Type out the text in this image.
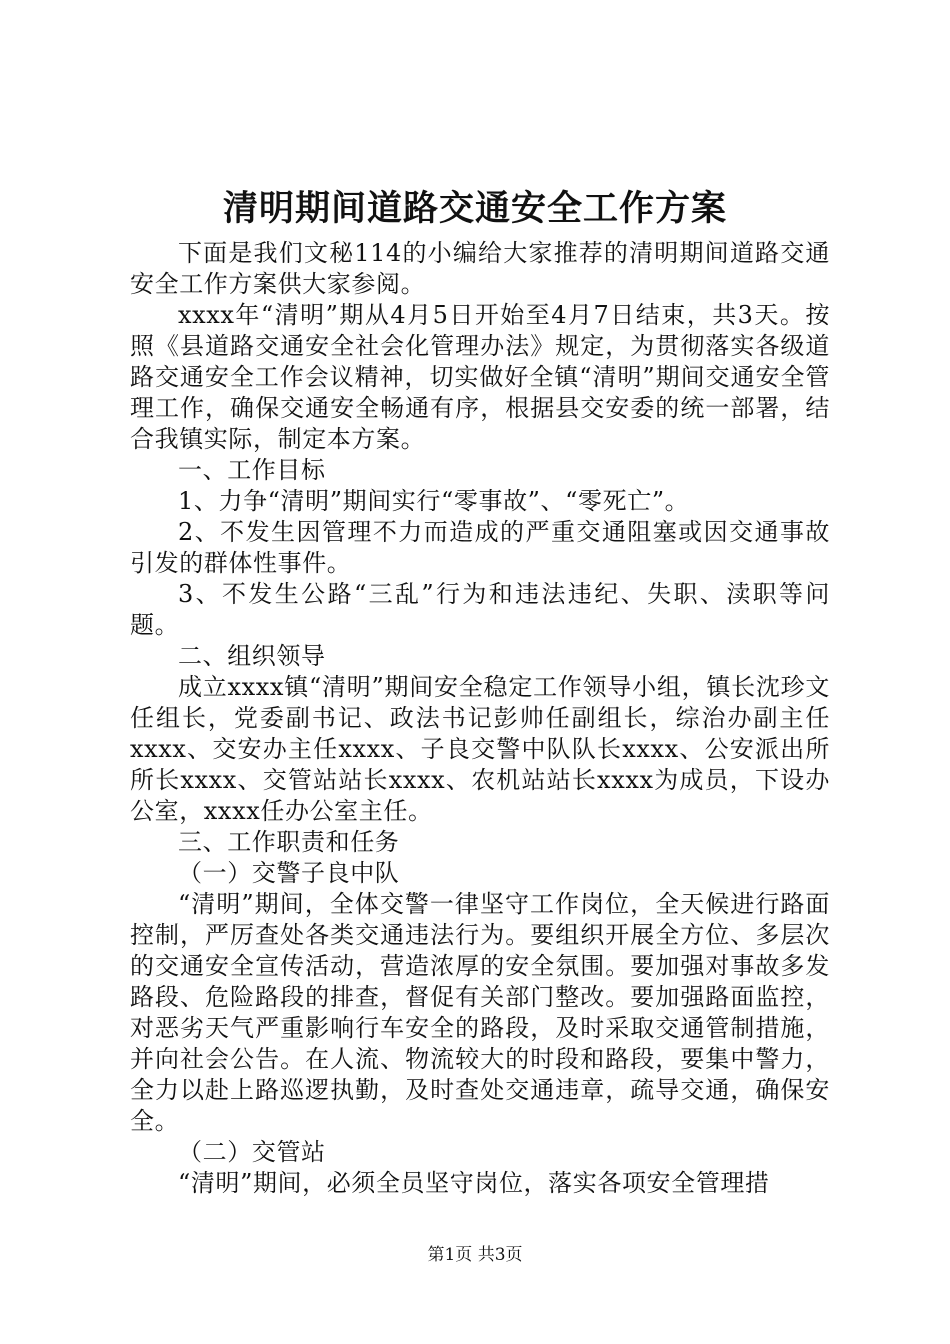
清明期间道路交通安全工作方案

下面是我们文秘114的小编给大家推荐的清明期间道路交通安全工作方案供大家参阅。

xxxx年“清明”期从4月5日开始至4月7日结束，共3天。按照《县道路交通安全社会化管理办法》规定，为贯彻落实各级道路交通安全工作会议精神，切实做好全镇“清明”期间交通安全管理工作，确保交通安全畅通有序，根据县交安委的统一部署，结合我镇实际，制定本方案。

一、工作目标

1、力争“清明”期间实行“零事故”、“零死亡”。

2、不发生因管理不力而造成的严重交通阻塞或因交通事故引发的群体性事件。

3、不发生公路“三乱”行为和违法违纪、失职、渎职等问题。

二、组织领导

成立xxxx镇“清明”期间安全稳定工作领导小组，镇长沈珍文任组长，党委副书记、政法书记彭帅任副组长，综治办副主任xxxx、交安办主任xxxx、子良交警中队队长xxxx、公安派出所所长xxxx、交管站站长xxxx、农机站站长xxxx为成员，下设办公室，xxxx任办公室主任。

三、工作职责和任务

（一）交警子良中队

“清明”期间，全体交警一律坚守工作岗位，全天候进行路面控制，严厉查处各类交通违法行为。要组织开展全方位、多层次的交通安全宣传活动，营造浓厚的安全氛围。要加强对事故多发路段、危险路段的排查，督促有关部门整改。要加强路面监控，对恶劣天气严重影响行车安全的路段，及时采取交通管制措施，并向社会公告。在人流、物流较大的时段和路段，要集中警力，全力以赴上路巡逻执勤，及时查处交通违章，疏导交通，确保安全。

（二）交管站

“清明”期间，必须全员坚守岗位，落实各项安全管理措

第1页 共3页
